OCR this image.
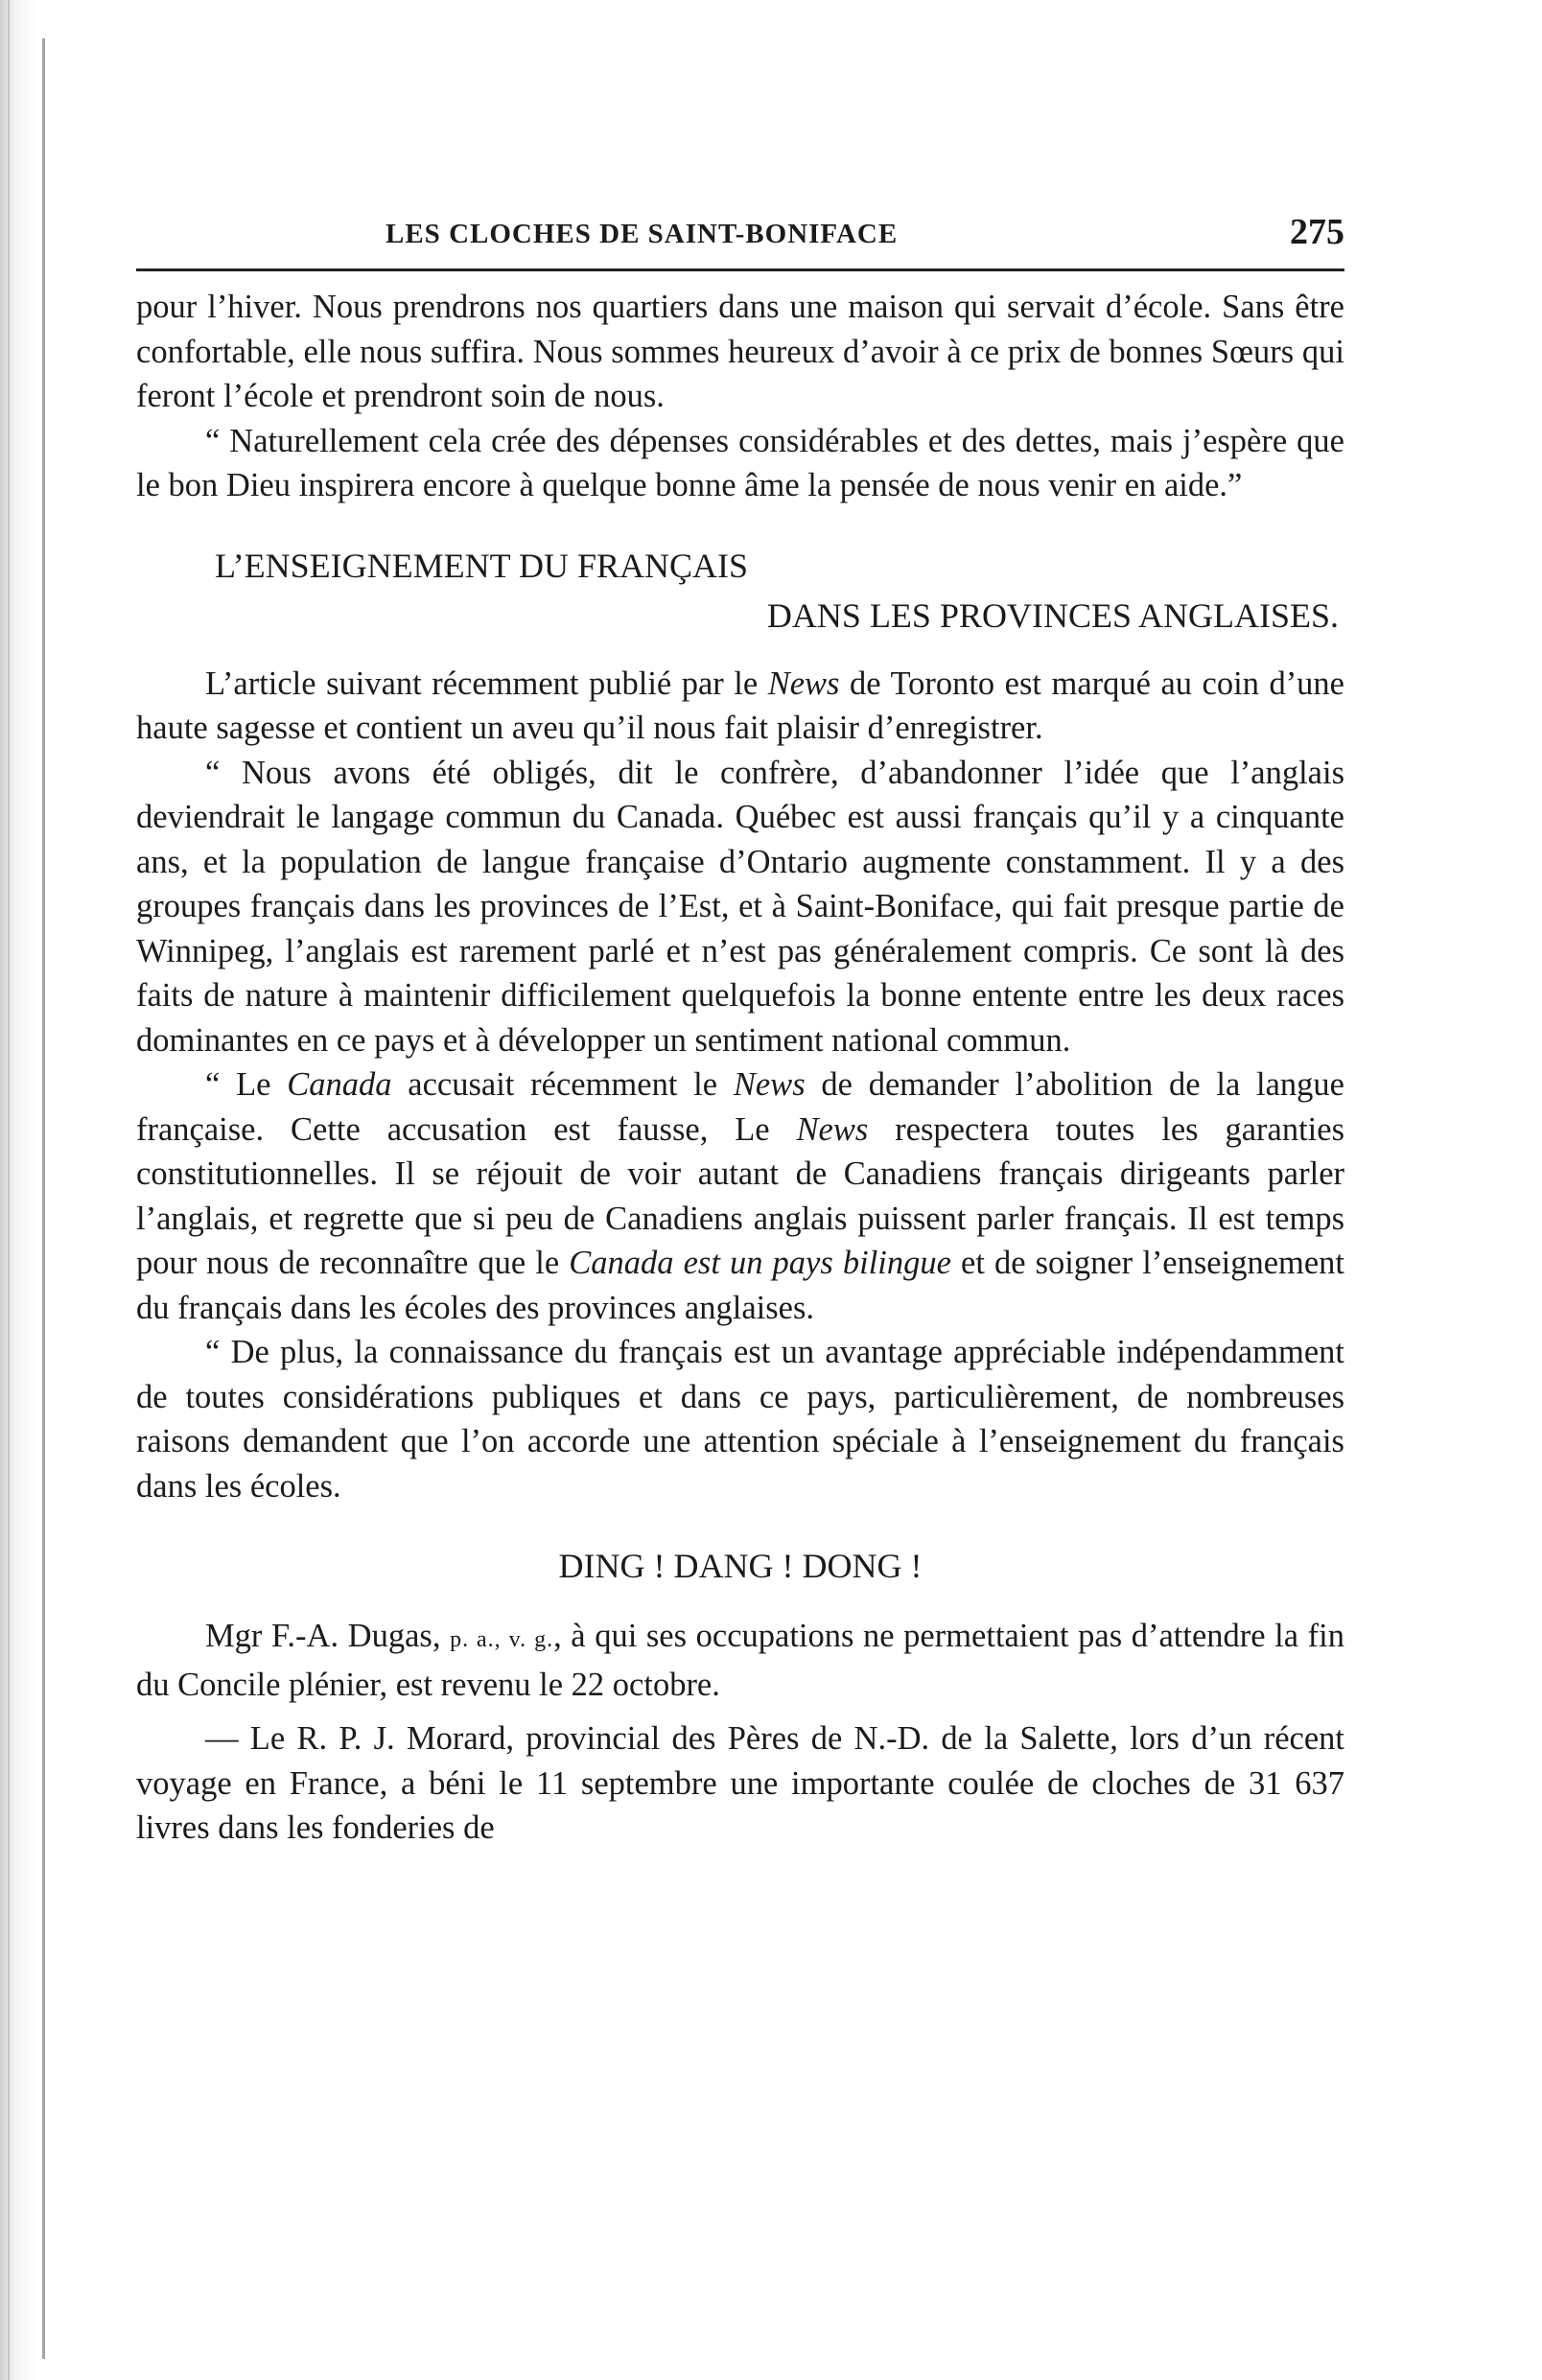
LES CLOCHES DE SAINT-BONIFACE	275

pour l’hiver. Nous prendrons nos quartiers dans une maison qui servait d’école. Sans être confortable, elle nous suffira. Nous sommes heureux d’avoir à ce prix de bonnes Sœurs qui feront l’école et prendront soin de nous.

“ Naturellement cela crée des dépenses considérables et des dettes, mais j’espère que le bon Dieu inspirera encore à quelque bonne âme la pensée de nous venir en aide.”

L’ENSEIGNEMENT DU FRANÇAIS
DANS LES PROVINCES ANGLAISES.

L’article suivant récemment publié par le News de Toronto est marqué au coin d’une haute sagesse et contient un aveu qu’il nous fait plaisir d’enregistrer.

“ Nous avons été obligés, dit le confrère, d’abandonner l’idée que l’anglais deviendrait le langage commun du Canada. Québec est aussi français qu’il y a cinquante ans, et la population de langue française d’Ontario augmente constamment. Il y a des groupes français dans les provinces de l’Est, et à Saint-Boniface, qui fait presque partie de Winnipeg, l’anglais est rarement parlé et n’est pas généralement compris. Ce sont là des faits de nature à maintenir difficilement quelquefois la bonne entente entre les deux races dominantes en ce pays et à développer un sentiment national commun.

“ Le Canada accusait récemment le News de demander l’abolition de la langue française. Cette accusation est fausse, Le News respectera toutes les garanties constitutionnelles. Il se réjouit de voir autant de Canadiens français dirigeants parler l’anglais, et regrette que si peu de Canadiens anglais puissent parler français. Il est temps pour nous de reconnaître que le Canada est un pays bilingue et de soigner l’enseignement du français dans les écoles des provinces anglaises.

“ De plus, la connaissance du français est un avantage appréciable indépendamment de toutes considérations publiques et dans ce pays, particulièrement, de nombreuses raisons demandent que l’on accorde une attention spéciale à l’enseignement du français dans les écoles.

DING ! DANG ! DONG !

Mgr F.-A. Dugas, p. a., v. g., à qui ses occupations ne permettaient pas d’attendre la fin du Concile plénier, est revenu le 22 octobre.

— Le R. P. J. Morard, provincial des Pères de N.-D. de la Salette, lors d’un récent voyage en France, a béni le 11 septembre une importante coulée de cloches de 31 637 livres dans les fonderies de
